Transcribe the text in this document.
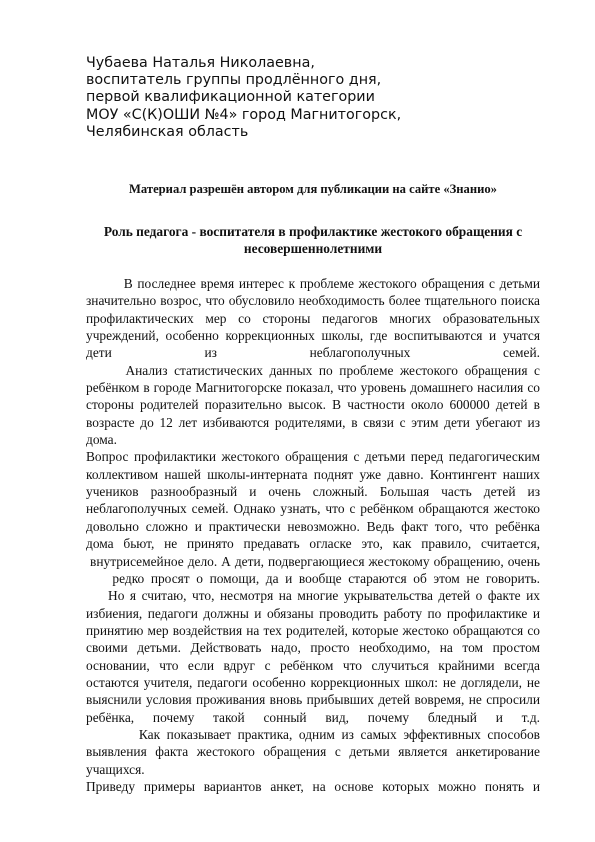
Чубаева Наталья Николаевна,
воспитатель группы продлённого дня,
первой квалификационной категории
МОУ «С(К)ОШИ №4» город Магнитогорск,
Челябинская область
Материал разрешён автором для публикации на сайте «Знанио»
Роль педагога - воспитателя в профилактике жестокого обращения с
несовершеннолетними
В последнее время интерес к проблеме жестокого обращения с детьми
значительно возрос, что обусловило необходимость более тщательного поиска
профилактических мер со стороны педагогов многих образовательных
учреждений, особенно коррекционных школы, где воспитываются и учатся
дети из неблагополучных семей.
Анализ статистических данных по проблеме жестокого обращения с
ребёнком в городе Магнитогорске показал, что уровень домашнего насилия со
стороны родителей поразительно высок. В частности около 600000 детей в
возрасте до 12 лет избиваются родителями, в связи с этим дети убегают из
дома.
Вопрос профилактики жестокого обращения с детьми перед педагогическим
коллективом нашей школы-интерната поднят уже давно. Контингент наших
учеников разнообразный и очень сложный. Большая часть детей из
неблагополучных семей. Однако узнать, что с ребёнком обращаются жестоко
довольно сложно и практически невозможно. Ведь факт того, что ребёнка
дома бьют, не принято предавать огласке это, как правило, считается,
внутрисемейное дело. А дети, подвергающиеся жестокому обращению, очень
редко просят о помощи, да и вообще стараются об этом не говорить.
Но я считаю, что, несмотря на многие укрывательства детей о факте их
избиения, педагоги должны и обязаны проводить работу по профилактике и
принятию мер воздействия на тех родителей, которые жестоко обращаются со
своими детьми. Действовать надо, просто необходимо, на том простом
основании, что если вдруг с ребёнком что случиться крайними всегда
остаются учителя, педагоги особенно коррекционных школ: не доглядели, не
выяснили условия проживания вновь прибывших детей вовремя, не спросили
ребёнка, почему такой сонный вид, почему бледный и т.д.
Как показывает практика, одним из самых эффективных способов
выявления факта жестокого обращения с детьми является анкетирование
учащихся.
Приведу примеры вариантов анкет, на основе которых можно понять и
